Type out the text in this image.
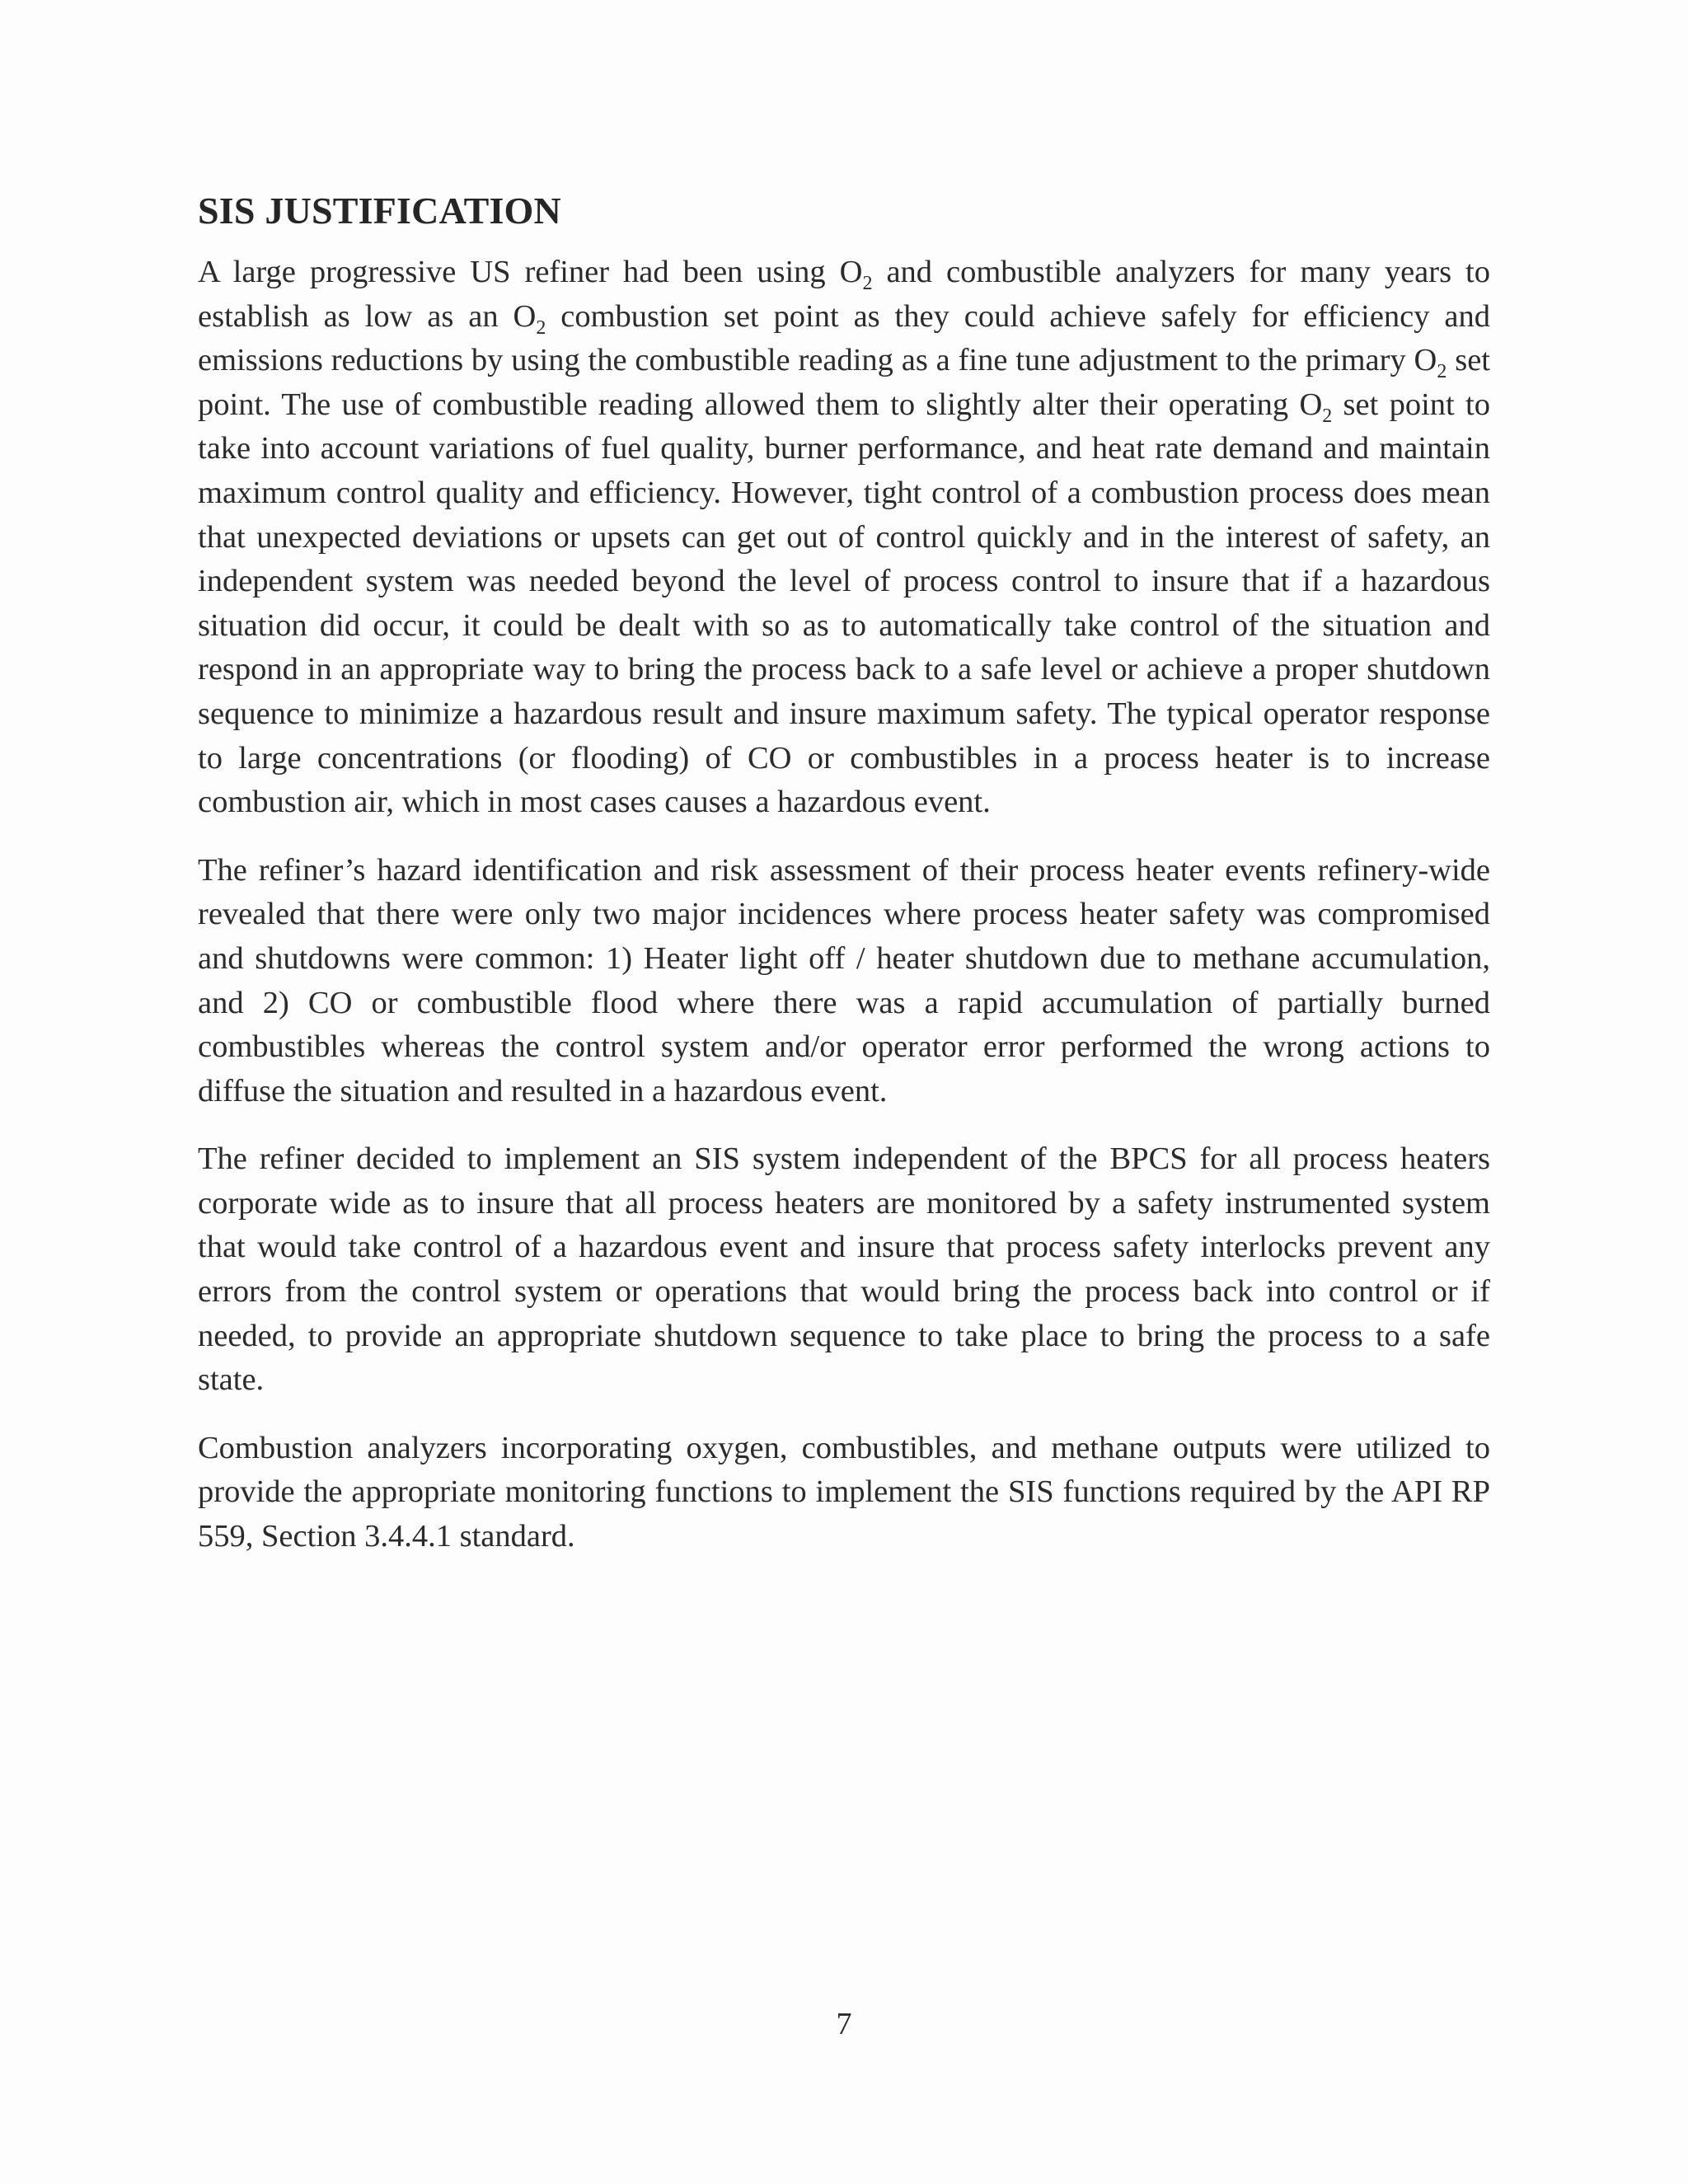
SIS JUSTIFICATION

A large progressive US refiner had been using $O_2$ and combustible analyzers for many years to establish as low as an $O_2$ combustion set point as they could achieve safely for efficiency and emissions reductions by using the combustible reading as a fine tune adjustment to the primary $O_2$ set point. The use of combustible reading allowed them to slightly alter their operating $O_2$ set point to take into account variations of fuel quality, burner performance, and heat rate demand and maintain maximum control quality and efficiency. However, tight control of a combustion process does mean that unexpected deviations or upsets can get out of control quickly and in the interest of safety, an independent system was needed beyond the level of process control to insure that if a hazardous situation did occur, it could be dealt with so as to automatically take control of the situation and respond in an appropriate way to bring the process back to a safe level or achieve a proper shutdown sequence to minimize a hazardous result and insure maximum safety. The typical operator response to large concentrations (or flooding) of CO or combustibles in a process heater is to increase combustion air, which in most cases causes a hazardous event.

The refiner’s hazard identification and risk assessment of their process heater events refinery-wide revealed that there were only two major incidences where process heater safety was compromised and shutdowns were common: 1) Heater light off / heater shutdown due to methane accumulation, and 2) CO or combustible flood where there was a rapid accumulation of partially burned combustibles whereas the control system and/or operator error performed the wrong actions to diffuse the situation and resulted in a hazardous event.

The refiner decided to implement an SIS system independent of the BPCS for all process heaters corporate wide as to insure that all process heaters are monitored by a safety instrumented system that would take control of a hazardous event and insure that process safety interlocks prevent any errors from the control system or operations that would bring the process back into control or if needed, to provide an appropriate shutdown sequence to take place to bring the process to a safe state.

Combustion analyzers incorporating oxygen, combustibles, and methane outputs were utilized to provide the appropriate monitoring functions to implement the SIS functions required by the API RP 559, Section 3.4.4.1 standard.

7
